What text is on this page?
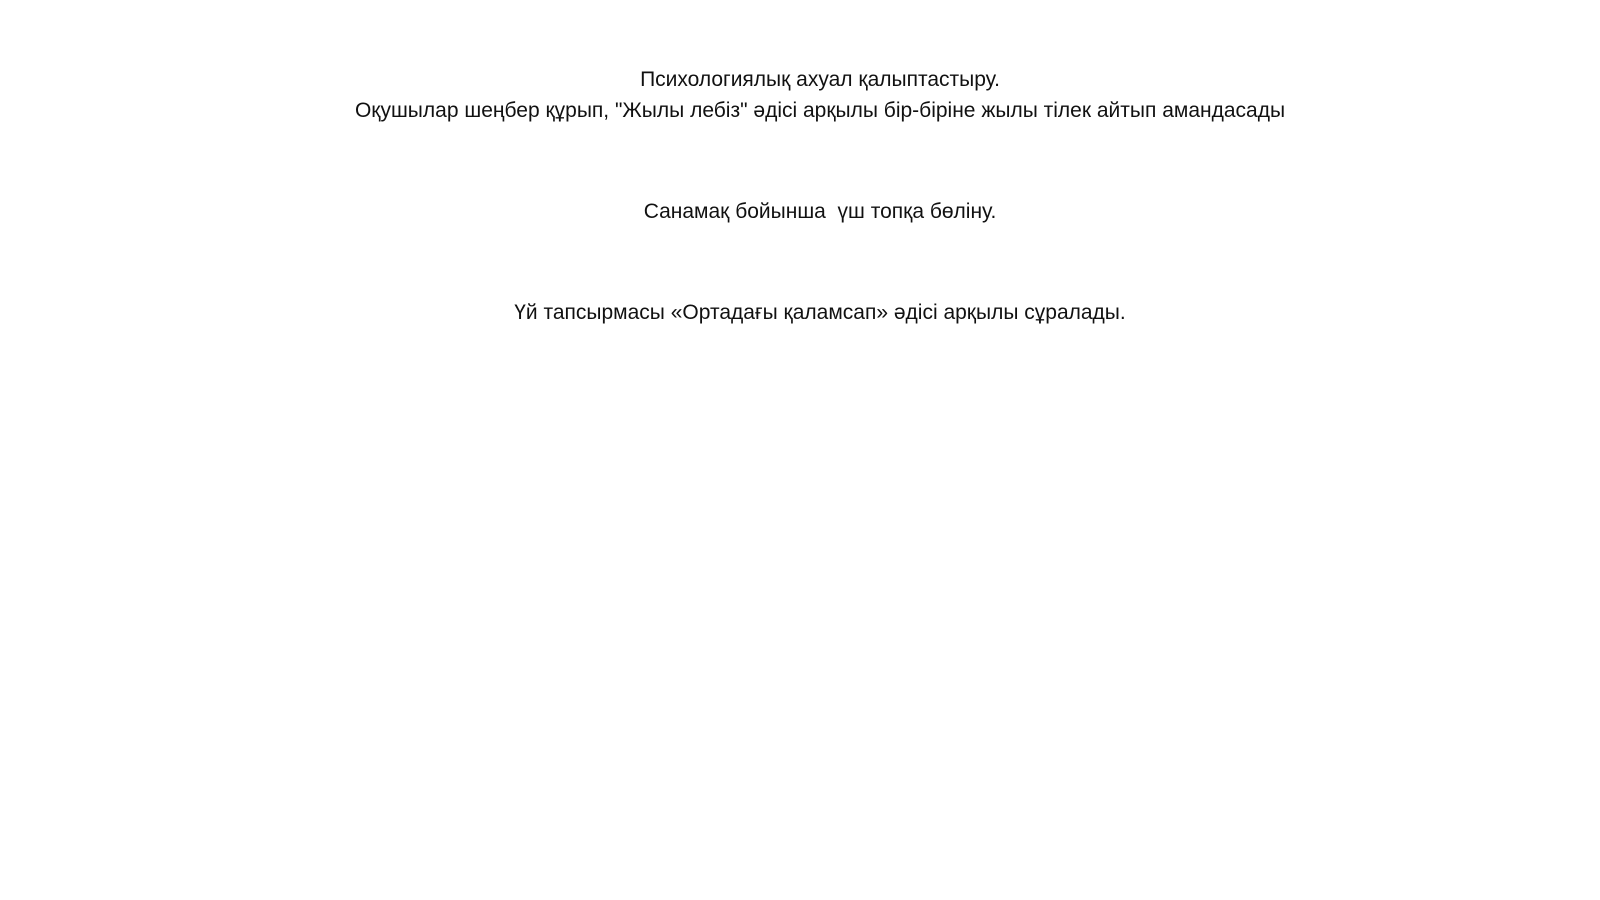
Психологиялық ахуал қалыптастыру.

Оқушылар шеңбер құрып, "Жылы лебіз" әдісі арқылы бір-біріне жылы тілек айтып амандасады

Санамақ бойынша  үш топқа бөліну.

Үй тапсырмасы «Ортадағы қаламсап» әдісі арқылы сұралады.
